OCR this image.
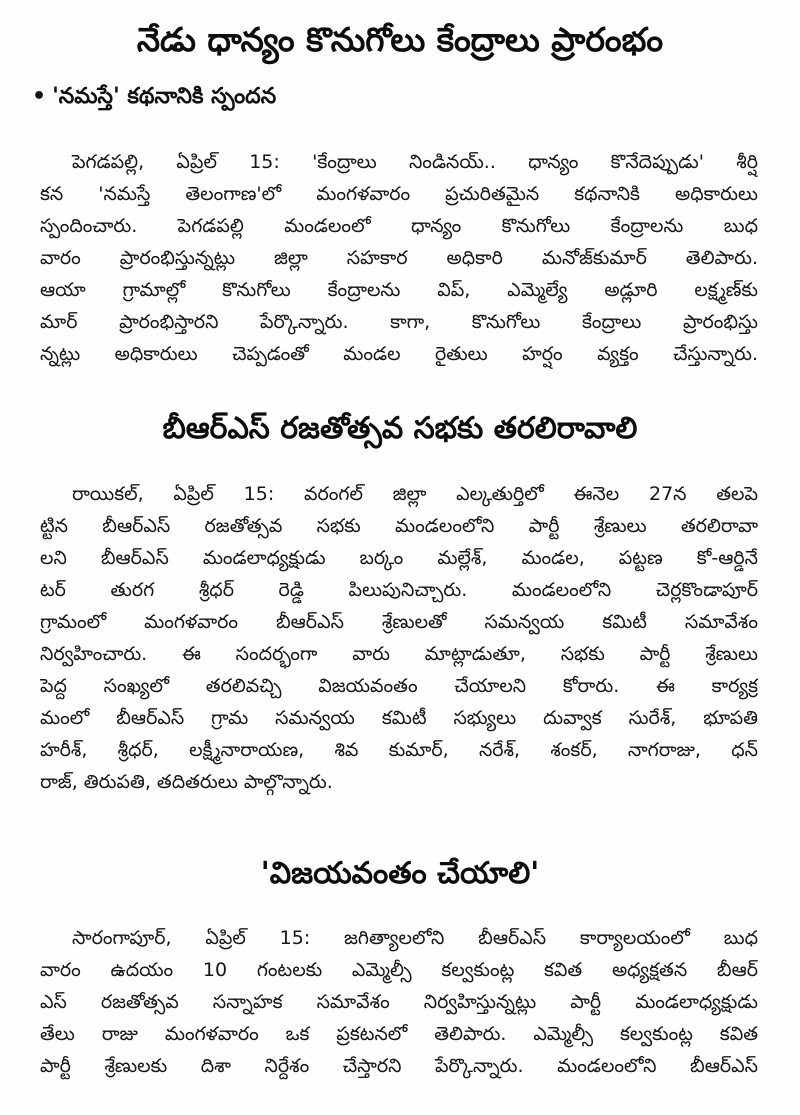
నేడు ధాన్యం కొనుగోలు కేంద్రాలు ప్రారంభం
• 'నమస్తే' కథనానికి స్పందన
పెగడపల్లి, ఏప్రిల్ 15: 'కేంద్రాలు నిండినయ్.. ధాన్యం కొనేదెప్పుడు' శీర్షి
కన 'నమస్తే తెలంగాణ'లో మంగళవారం ప్రచురితమైన కథనానికి అధికారులు
స్పందించారు. పెగడపల్లి మండలంలో ధాన్యం కొనుగోలు కేంద్రాలను బుధ
వారం ప్రారంభిస్తున్నట్లు జిల్లా సహకార అధికారి మనోజ్‌కుమార్ తెలిపారు.
ఆయా గ్రామాల్లో కొనుగోలు కేంద్రాలను విప్, ఎమ్మెల్యే అడ్లూరి లక్ష్మణ్‌కు
మార్ ప్రారంభిస్తారని పేర్కొన్నారు. కాగా, కొనుగోలు కేంద్రాలు ప్రారంభిస్తు
న్నట్లు అధికారులు చెప్పడంతో మండల రైతులు హర్షం వ్యక్తం చేస్తున్నారు.
బీఆర్ఎస్ రజతోత్సవ సభకు తరలిరావాలి
రాయికల్, ఏప్రిల్ 15: వరంగల్ జిల్లా ఎల్కతుర్తిలో ఈనెల 27న తలపె
ట్టిన బీఆర్ఎస్ రజతోత్సవ సభకు మండలంలోని పార్టీ శ్రేణులు తరలిరావా
లని బీఆర్ఎస్ మండలాధ్యక్షుడు బర్కం మల్లేశ్, మండల, పట్టణ కో-ఆర్డినే
టర్ తురగ శ్రీధర్ రెడ్డి పిలుపునిచ్చారు. మండలంలోని చెర్లకొండాపూర్
గ్రామంలో మంగళవారం బీఆర్ఎస్ శ్రేణులతో సమన్వయ కమిటీ సమావేశం
నిర్వహించారు. ఈ సందర్భంగా వారు మాట్లాడుతూ, సభకు పార్టీ శ్రేణులు
పెద్ద సంఖ్యలో తరలివచ్చి విజయవంతం చేయాలని కోరారు. ఈ కార్యక్ర
మంలో బీఆర్ఎస్ గ్రామ సమన్వయ కమిటీ సభ్యులు దువ్వాక సురేశ్, భూపతి
హరీశ్, శ్రీధర్, లక్ష్మీనారాయణ, శివ కుమార్, నరేశ్, శంకర్, నాగరాజు, ధన్
రాజ్, తిరుపతి, తదితరులు పాల్గొన్నారు.
'విజయవంతం చేయాలి'
సారంగాపూర్, ఏప్రిల్ 15: జగిత్యాలలోని బీఆర్ఎస్ కార్యాలయంలో బుధ
వారం ఉదయం 10 గంటలకు ఎమ్మెల్సీ కల్వకుంట్ల కవిత అధ్యక్షతన బీఆర్
ఎస్ రజతోత్సవ సన్నాహక సమావేశం నిర్వహిస్తున్నట్లు పార్టీ మండలాధ్యక్షుడు
తేలు రాజు మంగళవారం ఒక ప్రకటనలో తెలిపారు. ఎమ్మెల్సీ కల్వకుంట్ల కవిత
పార్టీ శ్రేణులకు దిశా నిర్దేశం చేస్తారని పేర్కొన్నారు. మండలంలోని బీఆర్ఎస్
